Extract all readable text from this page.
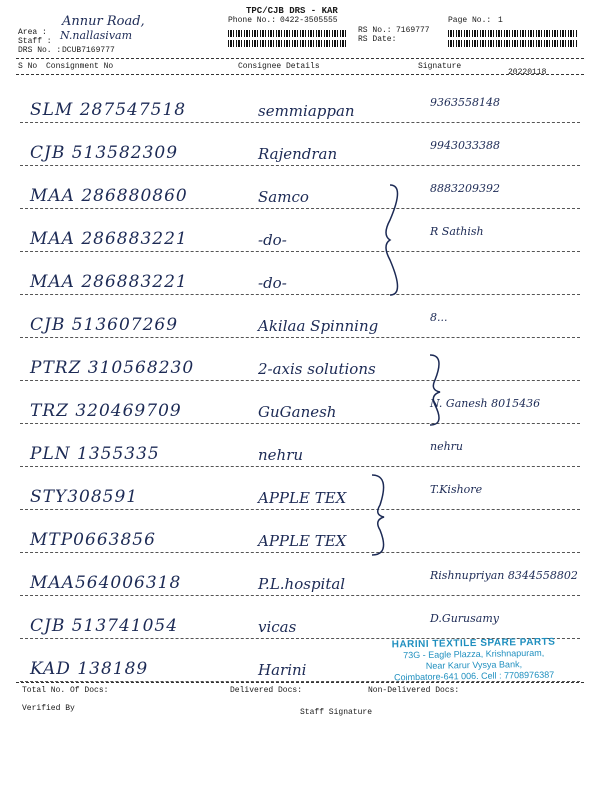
Area :
Annur Road,
Staff : N.nallasivam
DRS No. : DCUB7169777
TPC/CJB DRS - KAR
Phone No.: 0422-3505555
RS No.: 7169777
RS Date:
Page No.: 1
S No Consignment No	Consignee Details	Signature
20220118
SLM 287547518	semmiappan	9363558148
CJB 513582309	Rajendran	9943033388
MAA 286880860	Samco	8883209392
MAA 286883221	-do-	R Sathish
MAA 286883221	-do-
CJB 513607269	Akilaa Spinning	8...
PTRZ 310568230	2-axis solutions
TRZ 320469709	GuGanesh	N. Ganesh 8015436
PLN 1355335	nehru	nehru
STY308591	APPLE TEX	T.Kishore
MTP0663856	APPLE TEX
MAA564006318	P.L.hospital	Rishnupriyan 8344558802
CJB 513741054	vicas	D.Gurusamy
KAD 138189	Harini
HARINI TEXTILE SPARE PARTS
73G - Eagle Plazza, Krishnapuram,
Near Karur Vysya Bank,
Coimbatore-641 006. Cell : 7708976387
Total No. Of Docs:	Delivered Docs:	Non-Delivered Docs:
Verified By	Staff Signature
